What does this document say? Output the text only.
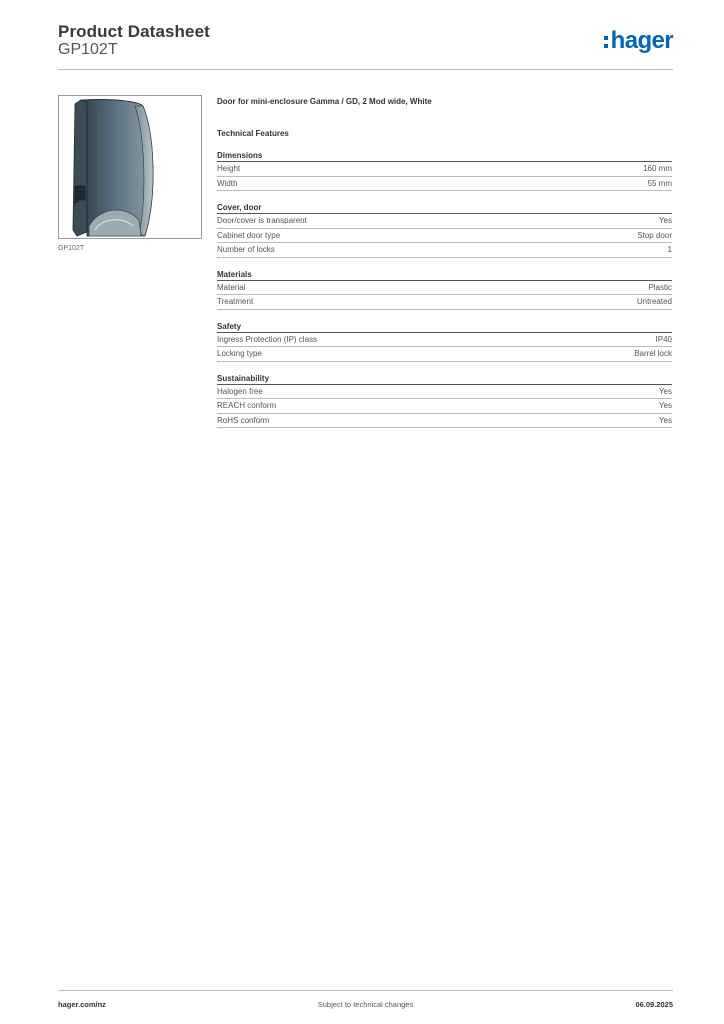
Product Datasheet
GP102T	hager
GP102T
Door for mini-enclosure Gamma / GD, 2 Mod wide, White
Technical Features
Dimensions
Height	160 mm
Width	55 mm
Cover, door
Door/cover is transparent	Yes
Cabinet door type	Stop door
Number of locks	1
Materials
Material	Plastic
Treatment	Untreated
Safety
Ingress Protection (IP) class	IP40
Locking type	Barrel lock
Sustainability
Halogen free	Yes
REACH conform	Yes
RoHS conform	Yes
hager.com/nz	Subject to technical changes	06.09.2025
